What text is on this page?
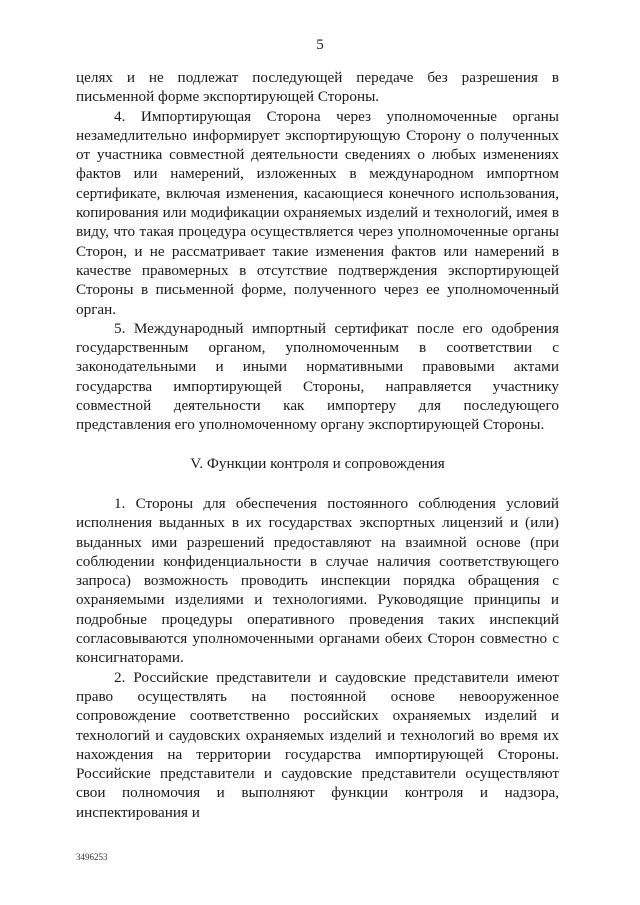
5

целях и не подлежат последующей передаче без разрешения в письменной форме экспортирующей Стороны.

4. Импортирующая Сторона через уполномоченные органы незамедлительно информирует экспортирующую Сторону о полученных от участника совместной деятельности сведениях о любых изменениях фактов или намерений, изложенных в международном импортном сертификате, включая изменения, касающиеся конечного использования, копирования или модификации охраняемых изделий и технологий, имея в виду, что такая процедура осуществляется через уполномоченные органы Сторон, и не рассматривает такие изменения фактов или намерений в качестве правомерных в отсутствие подтверждения экспортирующей Стороны в письменной форме, полученного через ее уполномоченный орган.

5. Международный импортный сертификат после его одобрения государственным органом, уполномоченным в соответствии с законодательными и иными нормативными правовыми актами государства импортирующей Стороны, направляется участнику совместной деятельности как импортеру для последующего представления его уполномоченному органу экспортирующей Стороны.

V. Функции контроля и сопровождения

1. Стороны для обеспечения постоянного соблюдения условий исполнения выданных в их государствах экспортных лицензий и (или) выданных ими разрешений предоставляют на взаимной основе (при соблюдении конфиденциальности в случае наличия соответствующего запроса) возможность проводить инспекции порядка обращения с охраняемыми изделиями и технологиями. Руководящие принципы и подробные процедуры оперативного проведения таких инспекций согласовываются уполномоченными органами обеих Сторон совместно с консигнаторами.

2. Российские представители и саудовские представители имеют право осуществлять на постоянной основе невооруженное сопровождение соответственно российских охраняемых изделий и технологий и саудовских охраняемых изделий и технологий во время их нахождения на территории государства импортирующей Стороны. Российские представители и саудовские представители осуществляют свои полномочия и выполняют функции контроля и надзора, инспектирования и

3496253
